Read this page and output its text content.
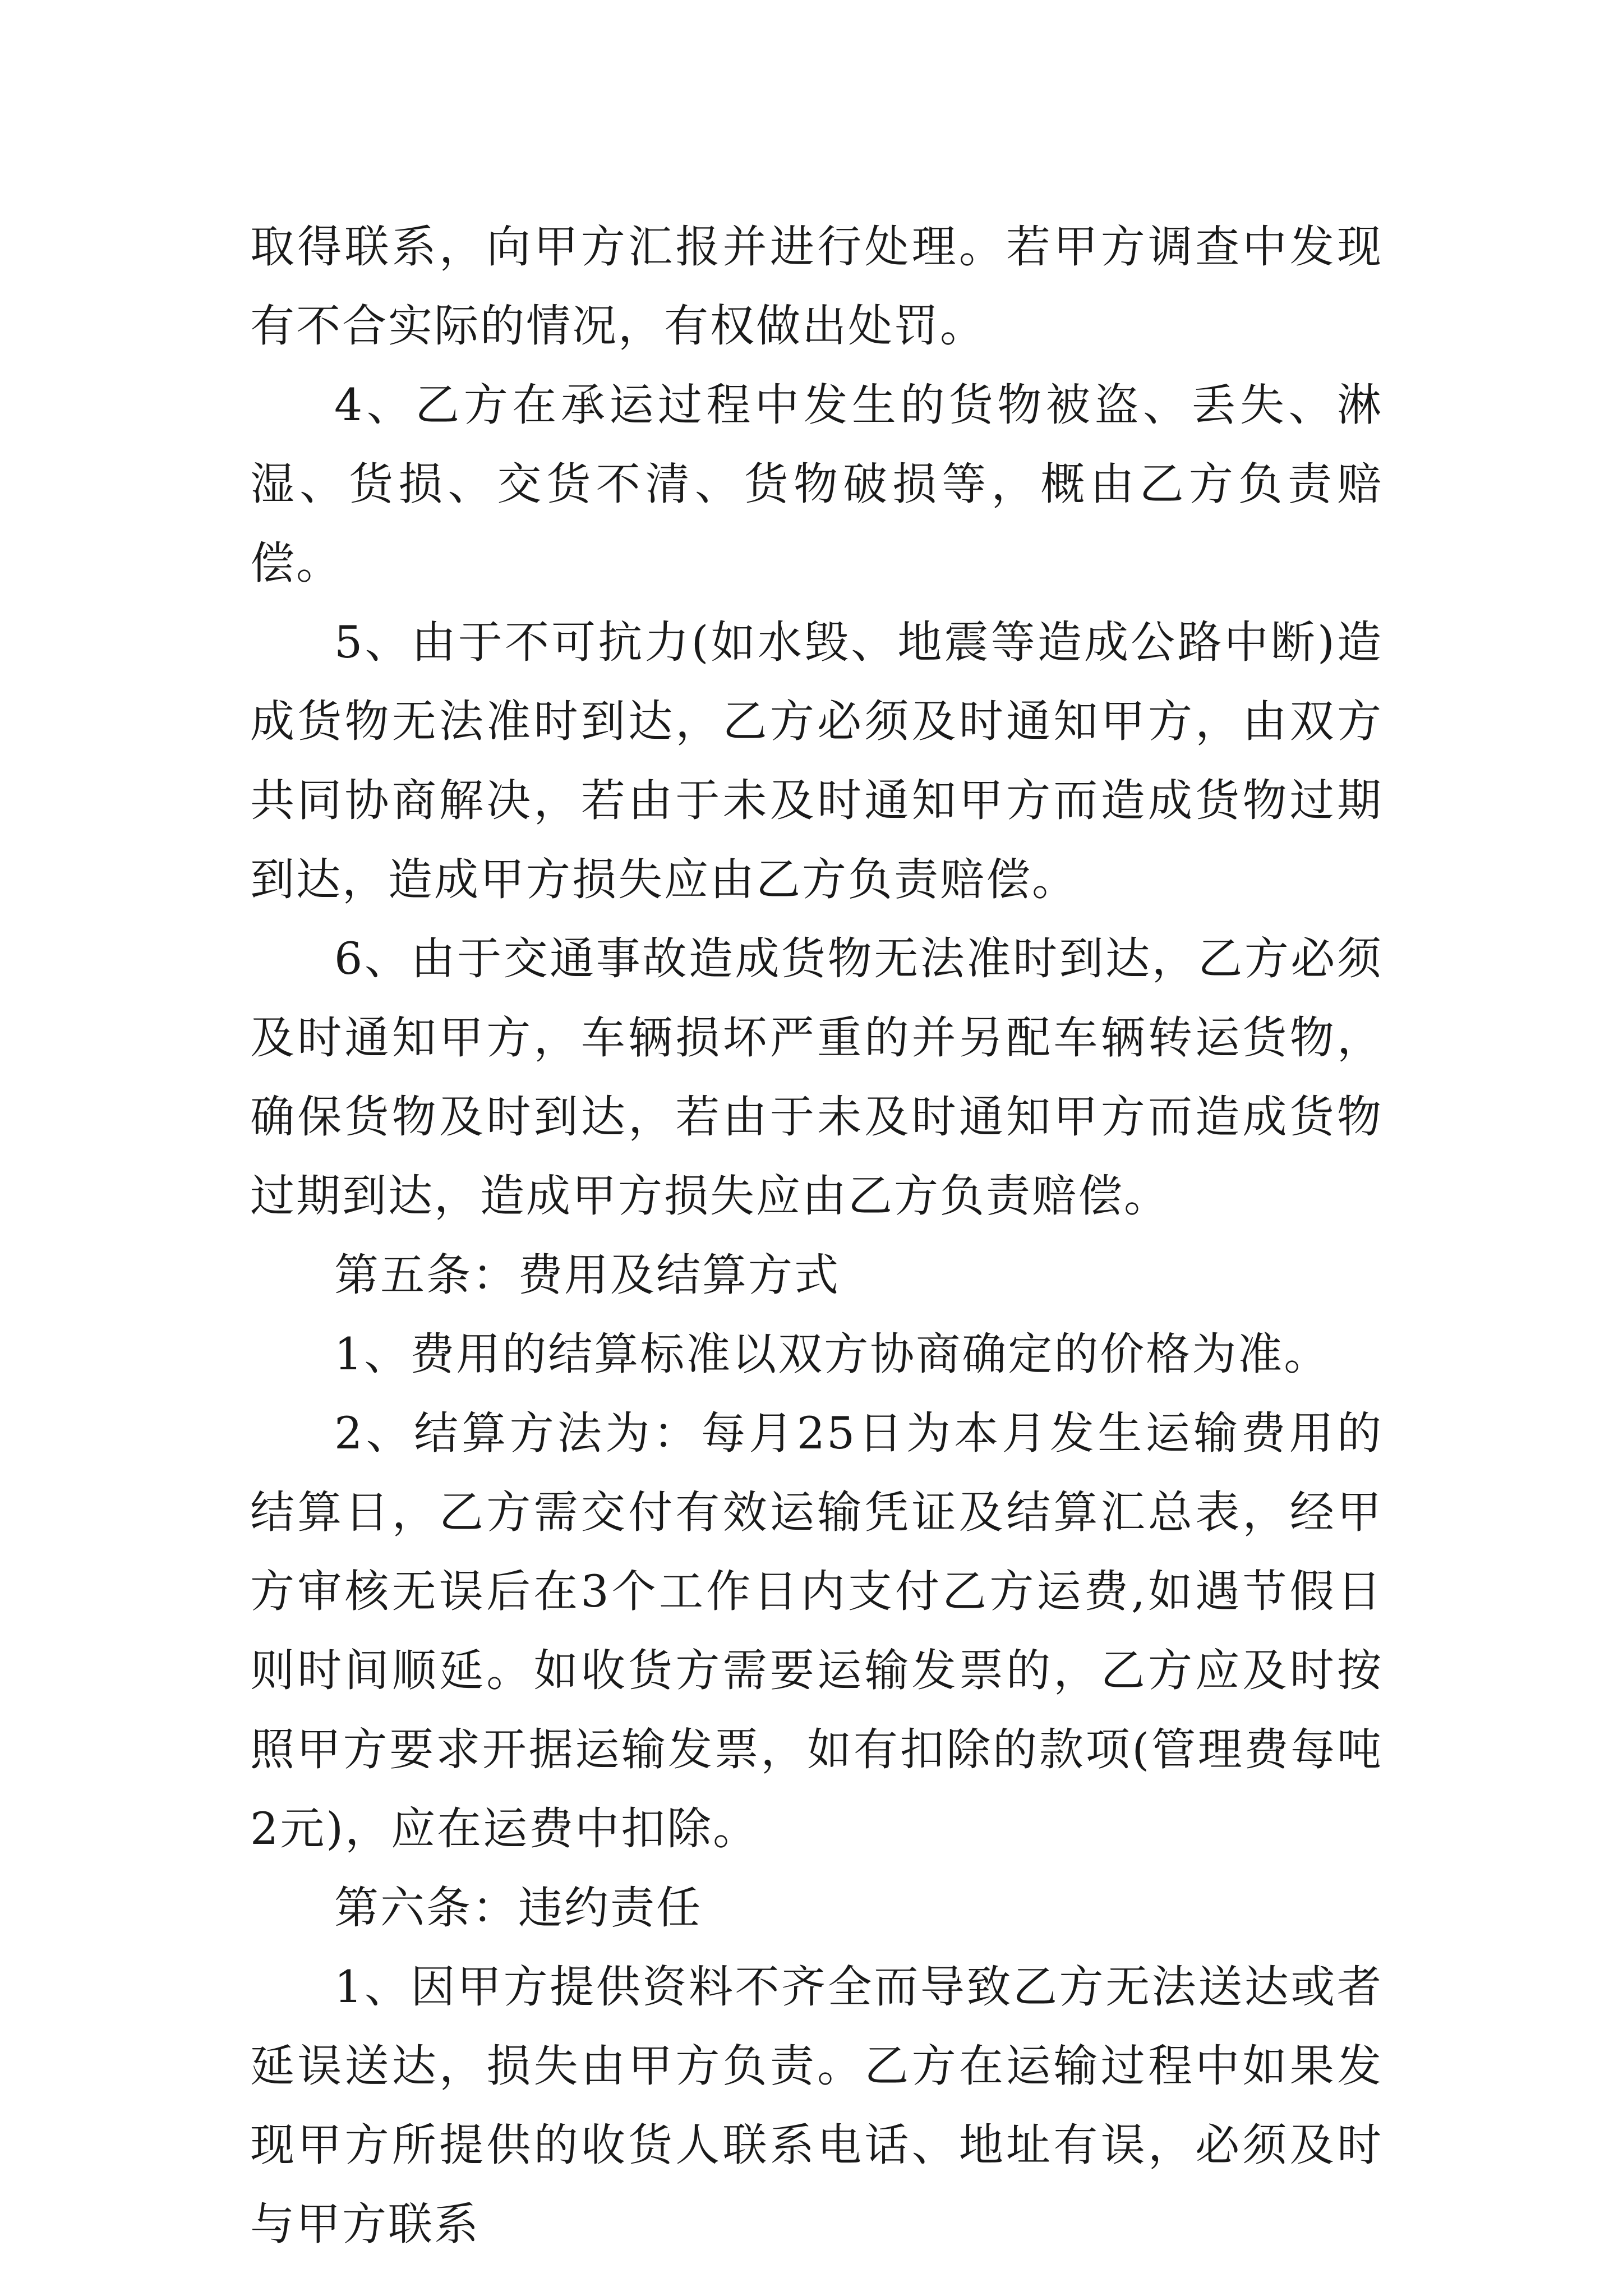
取得联系，向甲方汇报并进行处理。若甲方调查中发现有不合实际的情况，有权做出处罚。

4、乙方在承运过程中发生的货物被盗、丢失、淋湿、货损、交货不清、货物破损等，概由乙方负责赔偿。

5、由于不可抗力(如水毁、地震等造成公路中断)造成货物无法准时到达，乙方必须及时通知甲方，由双方共同协商解决，若由于未及时通知甲方而造成货物过期到达，造成甲方损失应由乙方负责赔偿。

6、由于交通事故造成货物无法准时到达，乙方必须及时通知甲方，车辆损坏严重的并另配车辆转运货物，确保货物及时到达，若由于未及时通知甲方而造成货物过期到达，造成甲方损失应由乙方负责赔偿。

第五条：费用及结算方式

1、费用的结算标准以双方协商确定的价格为准。

2、结算方法为：每月25日为本月发生运输费用的结算日，乙方需交付有效运输凭证及结算汇总表，经甲方审核无误后在3个工作日内支付乙方运费,如遇节假日则时间顺延。如收货方需要运输发票的，乙方应及时按照甲方要求开据运输发票，如有扣除的款项(管理费每吨2元)，应在运费中扣除。

第六条：违约责任

1、因甲方提供资料不齐全而导致乙方无法送达或者延误送达，损失由甲方负责。乙方在运输过程中如果发现甲方所提供的收货人联系电话、地址有误，必须及时与甲方联系
